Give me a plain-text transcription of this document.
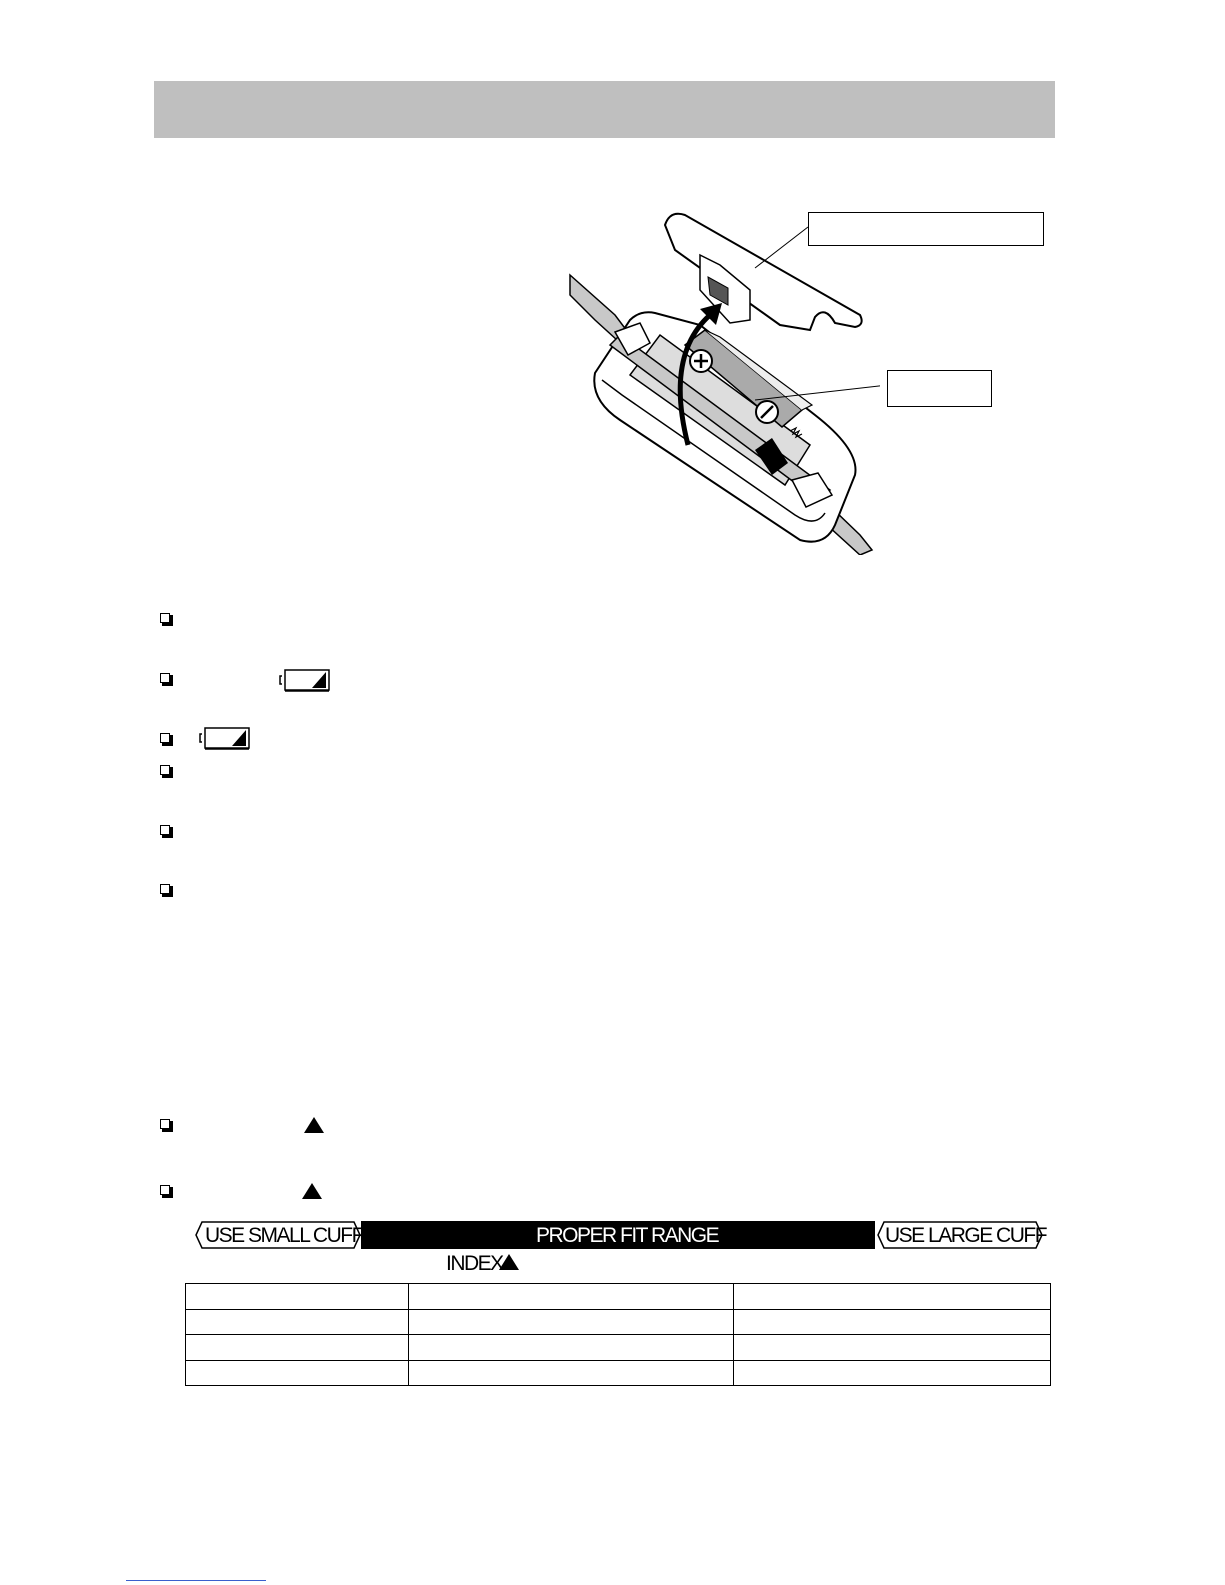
USE SMALL CUFF	PROPER FIT RANGE	USE LARGE CUFF
INDEX
